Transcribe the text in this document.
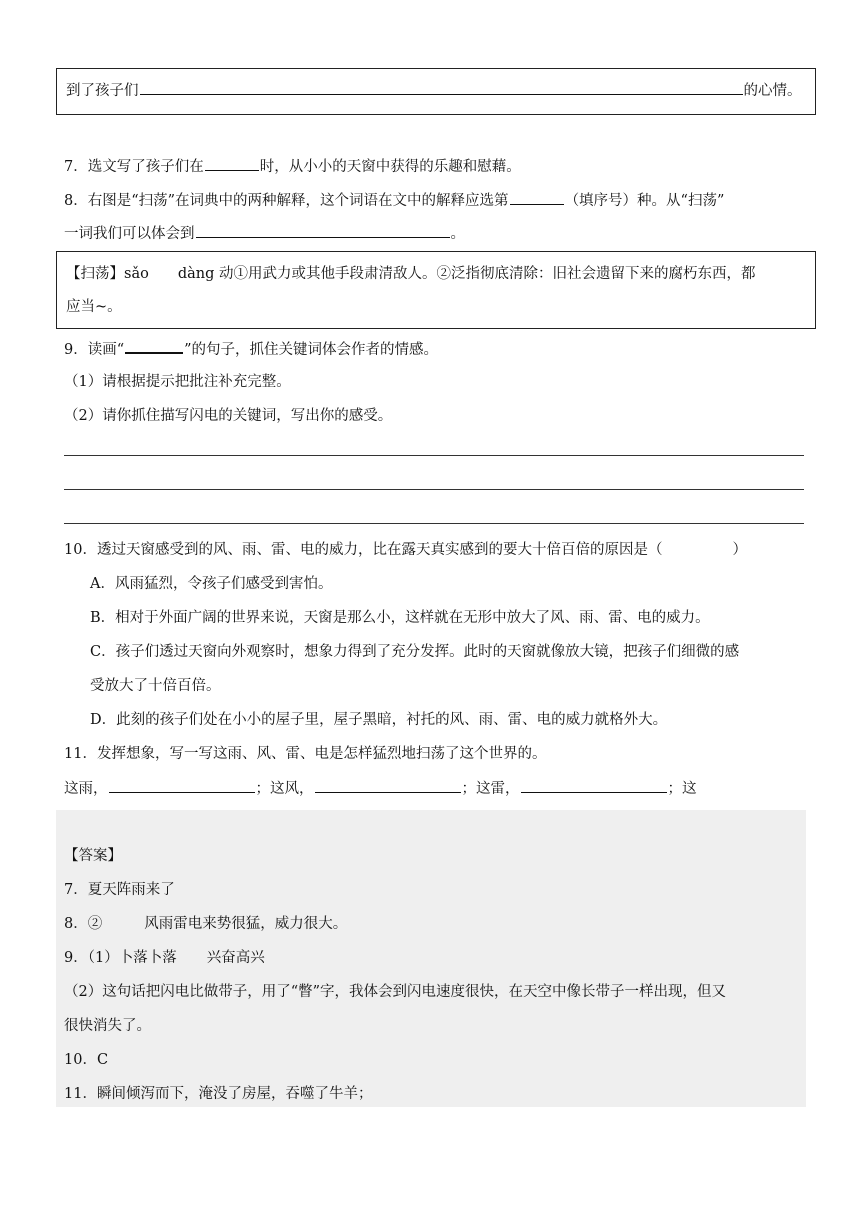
到了孩子们	的心情。
7．选文写了孩子们在	时，从小小的天窗中获得的乐趣和慰藉。
8．右图是“扫荡”在词典中的两种解释，这个词语在文中的解释应选第	（填序号）种。从“扫荡”
一词我们可以体会到	。
【扫荡】sǎo　　dàng 动①用武力或其他手段肃清敌人。②泛指彻底清除：旧社会遗留下来的腐朽东西，都
应当~。
9．读画“	”的句子，抓住关键词体会作者的情感。
（1）请根据提示把批注补充完整。
（2）请你抓住描写闪电的关键词，写出你的感受。
10．透过天窗感受到的风、雨、雷、电的威力，比在露天真实感到的要大十倍百倍的原因是（	）
A．风雨猛烈，令孩子们感受到害怕。
B．相对于外面广阔的世界来说，天窗是那么小，这样就在无形中放大了风、雨、雷、电的威力。
C．孩子们透过天窗向外观察时，想象力得到了充分发挥。此时的天窗就像放大镜，把孩子们细微的感
受放大了十倍百倍。
D．此刻的孩子们处在小小的屋子里，屋子黑暗，衬托的风、雨、雷、电的威力就格外大。
11．发挥想象，写一写这雨、风、雷、电是怎样猛烈地扫荡了这个世界的。
这雨，	；这风，	；这雷，	；这
【答案】
7．夏天阵雨来了
8．②	风雨雷电来势很猛，威力很大。
9．（1）卜落卜落 兴奋高兴
（2）这句话把闪电比做带子，用了“瞥”字，我体会到闪电速度很快，在天空中像长带子一样出现，但又
很快消失了。
10．C
11．瞬间倾泻而下，淹没了房屋，吞噬了牛羊；
